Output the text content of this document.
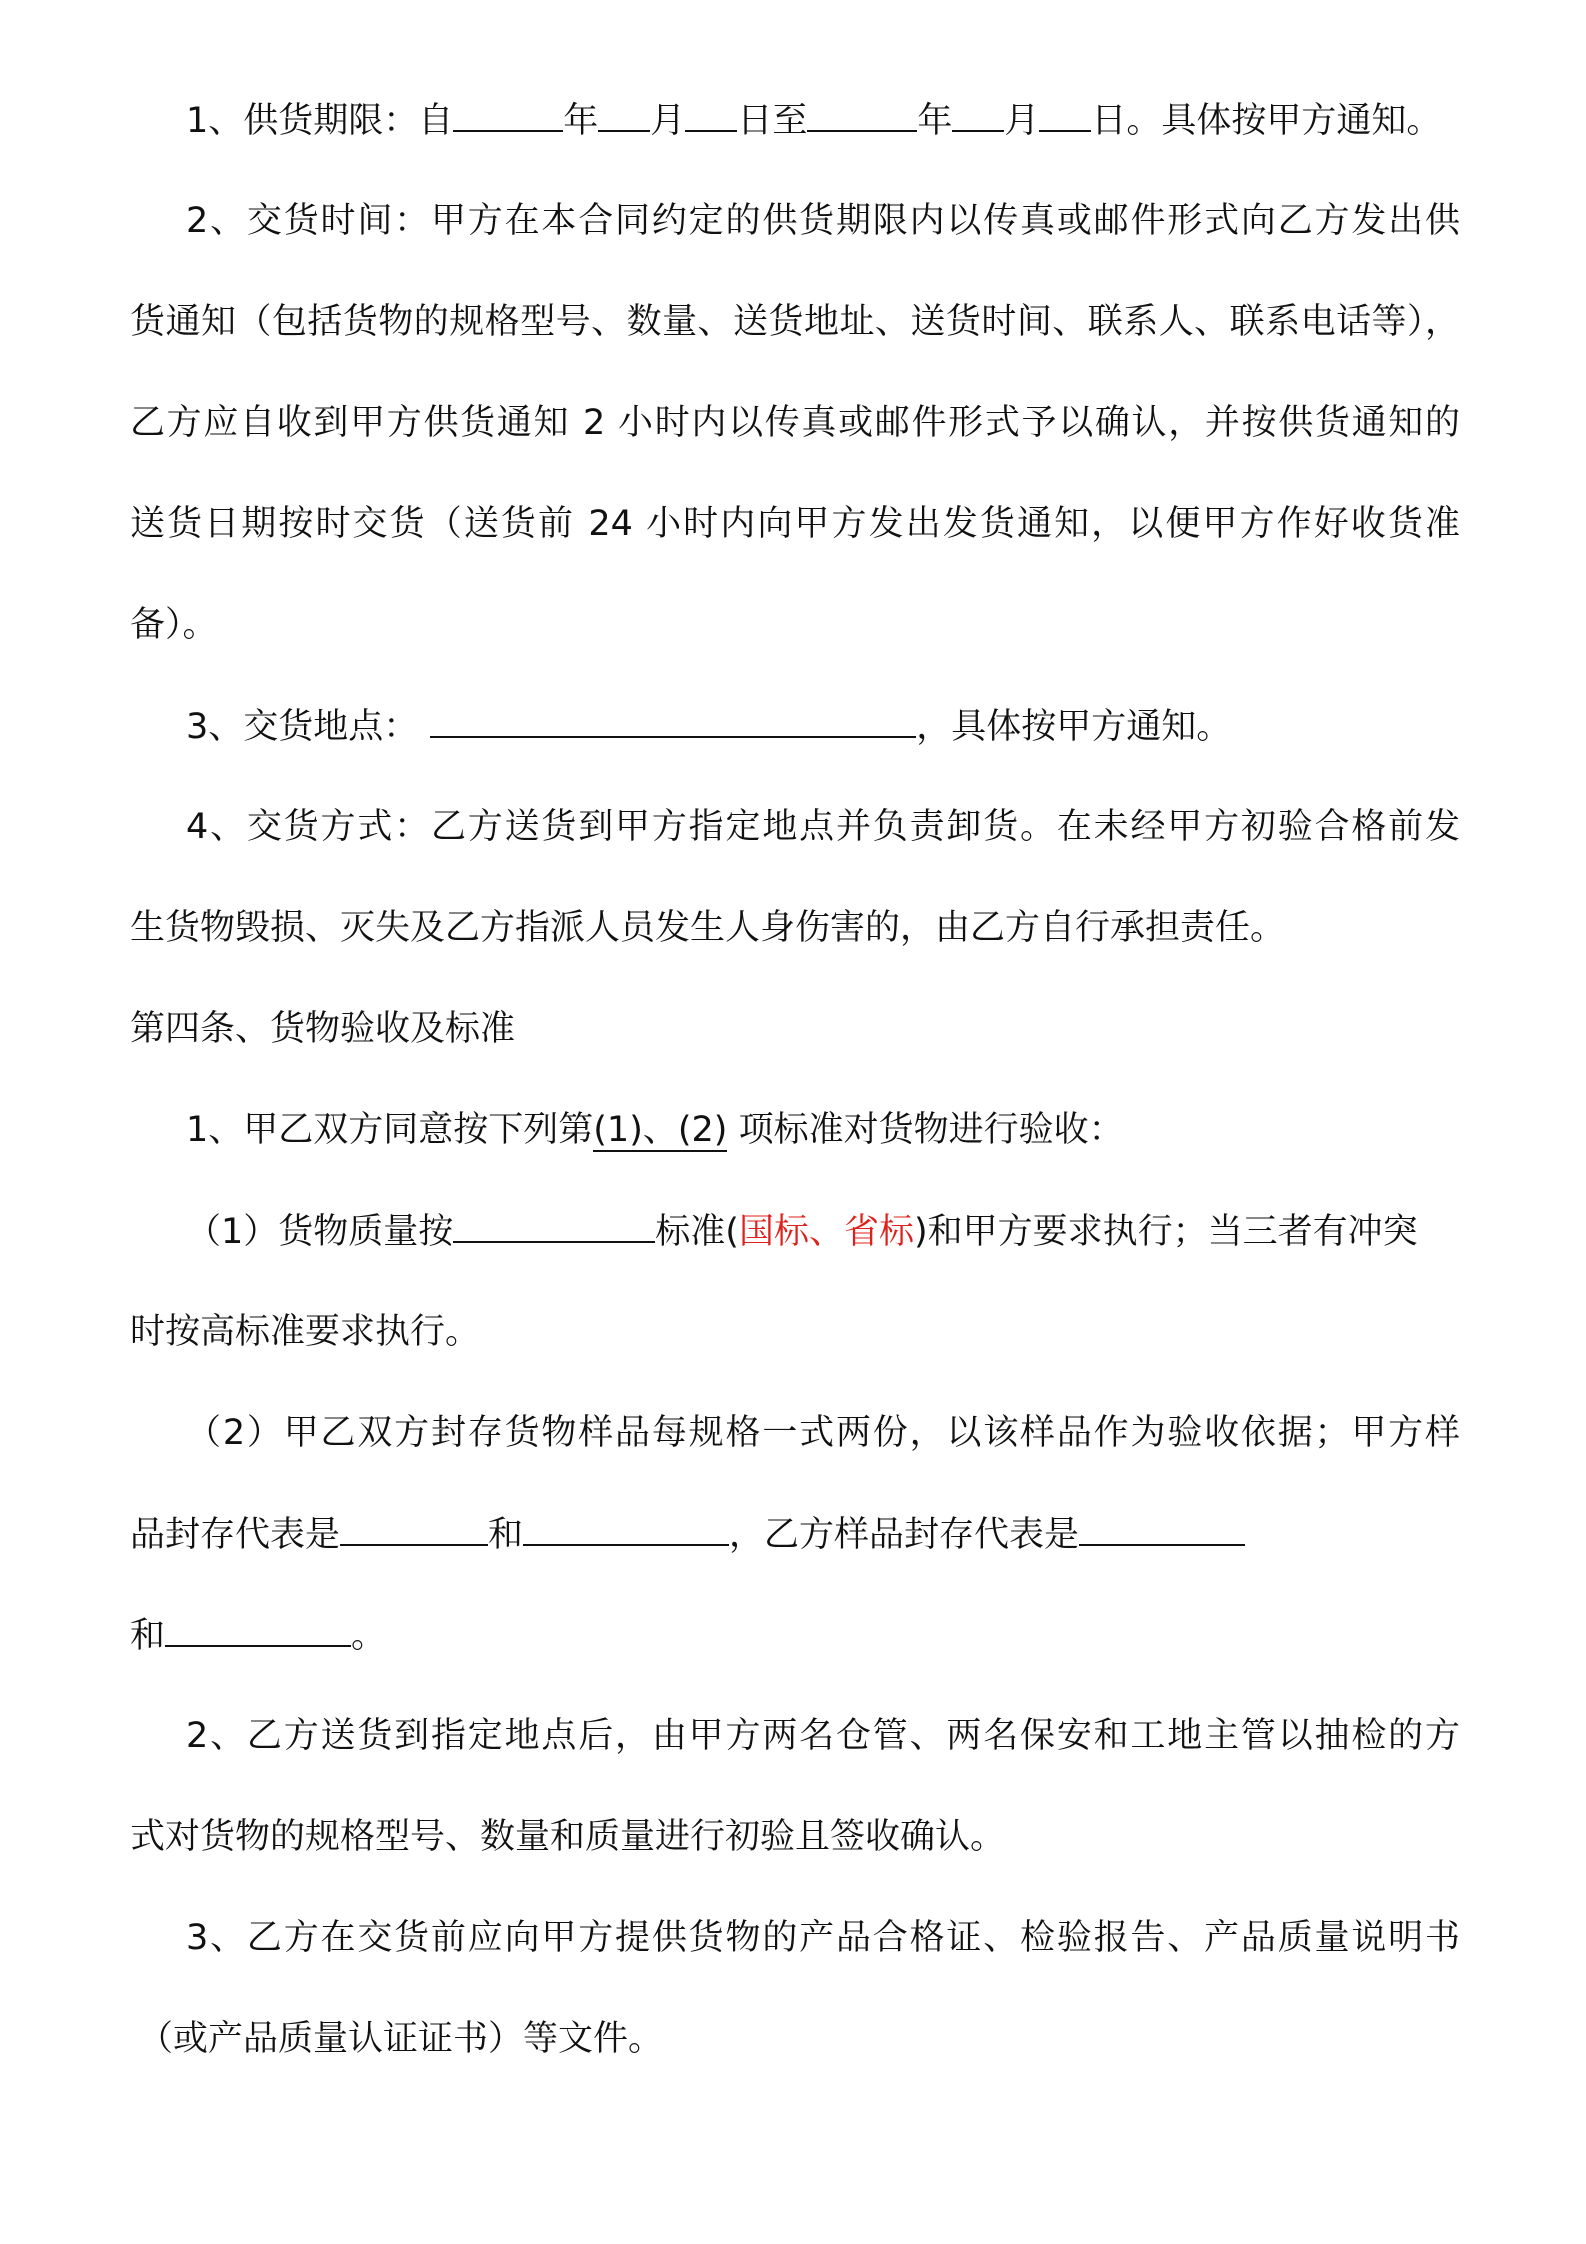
1、供货期限：自	年 月 日至	年 月 日。具体按甲方通知。
2、交货时间：甲方在本合同约定的供货期限内以传真或邮件形式向乙方发出供
货通知（包括货物的规格型号、数量、送货地址、送货时间、联系人、联系电话等），
乙方应自收到甲方供货通知 2 小时内以传真或邮件形式予以确认，并按供货通知的
送货日期按时交货（送货前 24 小时内向甲方发出发货通知，以便甲方作好收货准
备）。
3、交货地点：	，具体按甲方通知。
4、交货方式：乙方送货到甲方指定地点并负责卸货。在未经甲方初验合格前发
生货物毁损、灭失及乙方指派人员发生人身伤害的，由乙方自行承担责任。
第四条、货物验收及标准
1、甲乙双方同意按下列第(1)、(2) 项标准对货物进行验收：
（1）货物质量按	标准(国标、省标)和甲方要求执行；当三者有冲突
时按高标准要求执行。
（2）甲乙双方封存货物样品每规格一式两份，以该样品作为验收依据；甲方样
品封存代表是	和	，乙方样品封存代表是
和	。
2、乙方送货到指定地点后，由甲方两名仓管、两名保安和工地主管以抽检的方
式对货物的规格型号、数量和质量进行初验且签收确认。
3、乙方在交货前应向甲方提供货物的产品合格证、检验报告、产品质量说明书
（或产品质量认证证书）等文件。
